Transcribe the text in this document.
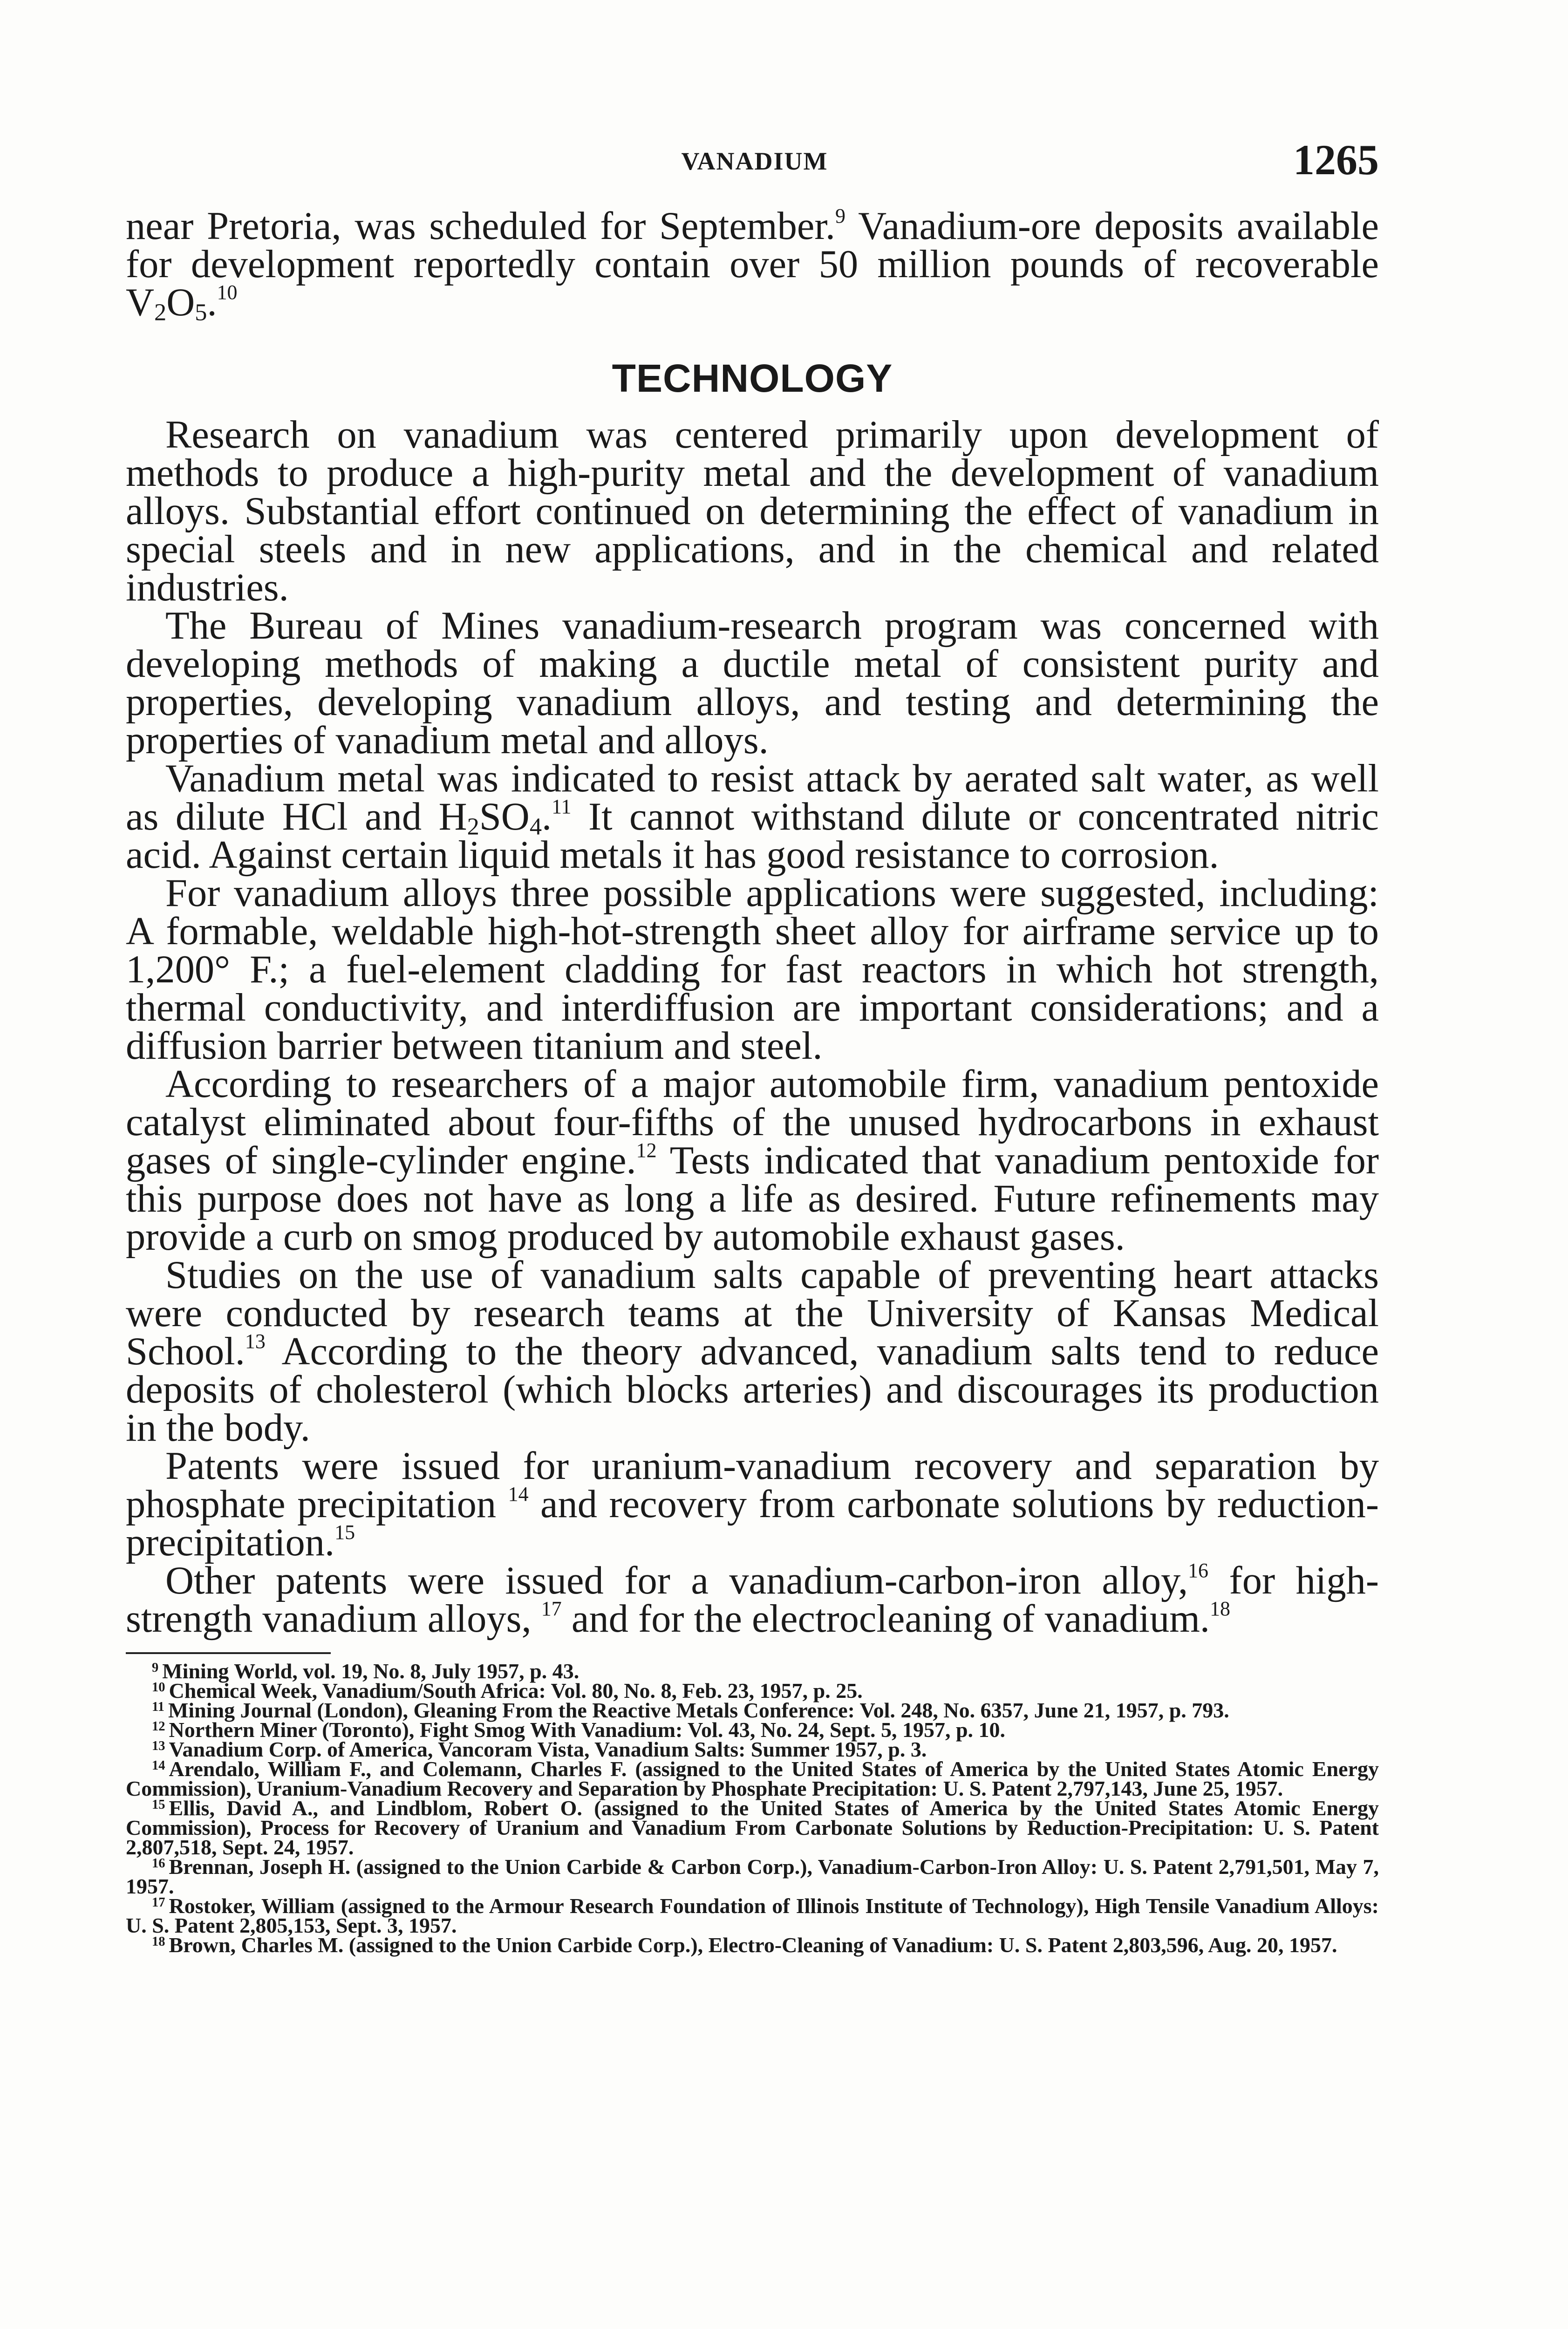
VANADIUM	1265

near Pretoria, was scheduled for September.$^9$ Vanadium-ore deposits available for development reportedly contain over 50 million pounds of recoverable $V_2O_5.^{10}$

TECHNOLOGY

Research on vanadium was centered primarily upon development of methods to produce a high-purity metal and the development of vanadium alloys. Substantial effort continued on determining the effect of vanadium in special steels and in new applications, and in the chemical and related industries.

The Bureau of Mines vanadium-research program was concerned with developing methods of making a ductile metal of consistent purity and properties, developing vanadium alloys, and testing and determining the properties of vanadium metal and alloys.

Vanadium metal was indicated to resist attack by aerated salt water, as well as dilute HCl and $H_2SO_4.^{11}$ It cannot withstand dilute or concentrated nitric acid. Against certain liquid metals it has good resistance to corrosion.

For vanadium alloys three possible applications were suggested, including: A formable, weldable high-hot-strength sheet alloy for airframe service up to 1,200° F.; a fuel-element cladding for fast reactors in which hot strength, thermal conductivity, and interdiffusion are important considerations; and a diffusion barrier between titanium and steel.

According to researchers of a major automobile firm, vanadium pentoxide catalyst eliminated about four-fifths of the unused hydrocarbons in exhaust gases of single-cylinder engine.$^{12}$ Tests indicated that vanadium pentoxide for this purpose does not have as long a life as desired. Future refinements may provide a curb on smog produced by automobile exhaust gases.

Studies on the use of vanadium salts capable of preventing heart attacks were conducted by research teams at the University of Kansas Medical School.$^{13}$ According to the theory advanced, vanadium salts tend to reduce deposits of cholesterol (which blocks arteries) and discourages its production in the body.

Patents were issued for uranium-vanadium recovery and separation by phosphate precipitation $^{14}$ and recovery from carbonate solutions by reduction-precipitation.$^{15}$

Other patents were issued for a vanadium-carbon-iron alloy,$^{16}$ for high-strength vanadium alloys, $^{17}$ and for the electrocleaning of vanadium.$^{18}$

$^9$ Mining World, vol. 19, No. 8, July 1957, p. 43.

$^{10}$ Chemical Week, Vanadium/South Africa: Vol. 80, No. 8, Feb. 23, 1957, p. 25.

$^{11}$ Mining Journal (London), Gleaning From the Reactive Metals Conference: Vol. 248, No. 6357, June 21, 1957, p. 793.

$^{12}$ Northern Miner (Toronto), Fight Smog With Vanadium: Vol. 43, No. 24, Sept. 5, 1957, p. 10.

$^{13}$ Vanadium Corp. of America, Vancoram Vista, Vanadium Salts: Summer 1957, p. 3.

$^{14}$ Arendalo, William F., and Colemann, Charles F. (assigned to the United States of America by the United States Atomic Energy Commission), Uranium-Vanadium Recovery and Separation by Phosphate Precipitation: U. S. Patent 2,797,143, June 25, 1957.

$^{15}$ Ellis, David A., and Lindblom, Robert O. (assigned to the United States of America by the United States Atomic Energy Commission), Process for Recovery of Uranium and Vanadium From Carbonate Solutions by Reduction-Precipitation: U. S. Patent 2,807,518, Sept. 24, 1957.

$^{16}$ Brennan, Joseph H. (assigned to the Union Carbide & Carbon Corp.), Vanadium-Carbon-Iron Alloy: U. S. Patent 2,791,501, May 7, 1957.

$^{17}$ Rostoker, William (assigned to the Armour Research Foundation of Illinois Institute of Technology), High Tensile Vanadium Alloys: U. S. Patent 2,805,153, Sept. 3, 1957.

$^{18}$ Brown, Charles M. (assigned to the Union Carbide Corp.), Electro-Cleaning of Vanadium: U. S. Patent 2,803,596, Aug. 20, 1957.
